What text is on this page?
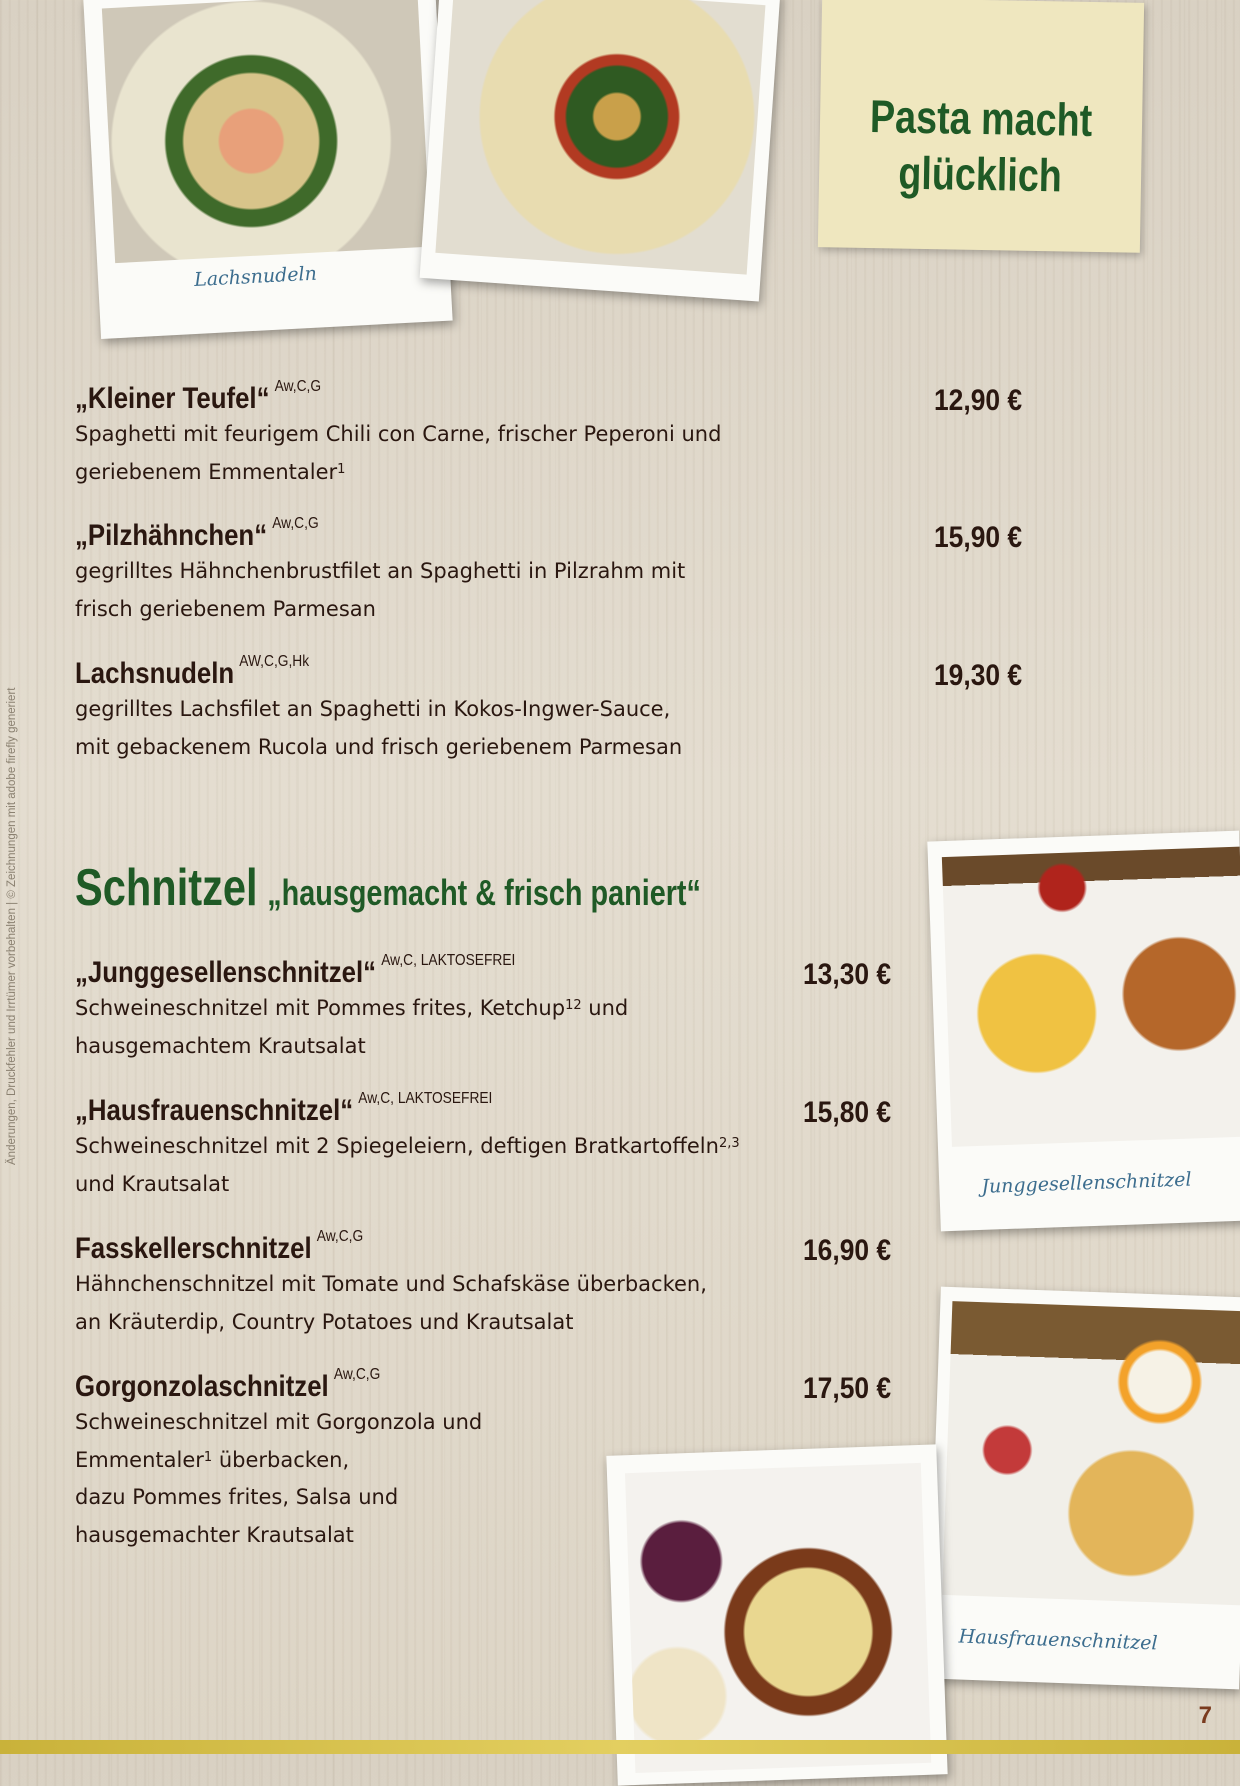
Änderungen, Druckfehler und Irrtümer vorbehalten | © Zeichnungen mit adobe firefly generiert
Lachsnudeln
Pasta macht
glücklich
„Kleiner Teufel“ $^{Aw,C,G}$
Spaghetti mit feurigem Chili con Carne, frischer Peperoni und
geriebenem Emmentaler$^1$
12,90 €
„Pilzhähnchen“ $^{Aw,C,G}$
gegrilltes Hähnchenbrustfilet an Spaghetti in Pilzrahm mit
frisch geriebenem Parmesan
15,90 €
Lachsnudeln $^{AW,C,G,Hk}$
gegrilltes Lachsfilet an Spaghetti in Kokos-Ingwer-Sauce,
mit gebackenem Rucola und frisch geriebenem Parmesan
19,30 €
Schnitzel „hausgemacht & frisch paniert“
„Junggesellenschnitzel“ $^{Aw,C, LAKTOSEFREI}$
Schweineschnitzel mit Pommes frites, Ketchup$^{12}$ und
hausgemachtem Krautsalat
13,30 €
„Hausfrauenschnitzel“ $^{Aw,C, LAKTOSEFREI}$
Schweineschnitzel mit 2 Spiegeleiern, deftigen Bratkartoffeln$^{2,3}$
und Krautsalat
15,80 €
Fasskellerschnitzel $^{Aw,C,G}$
Hähnchenschnitzel mit Tomate und Schafskäse überbacken,
an Kräuterdip, Country Potatoes und Krautsalat
16,90 €
Gorgonzolaschnitzel $^{Aw,C,G}$
Schweineschnitzel mit Gorgonzola und
Emmentaler$^1$ überbacken,
dazu Pommes frites, Salsa und
hausgemachter Krautsalat
17,50 €
Junggesellenschnitzel
Hausfrauenschnitzel
7
